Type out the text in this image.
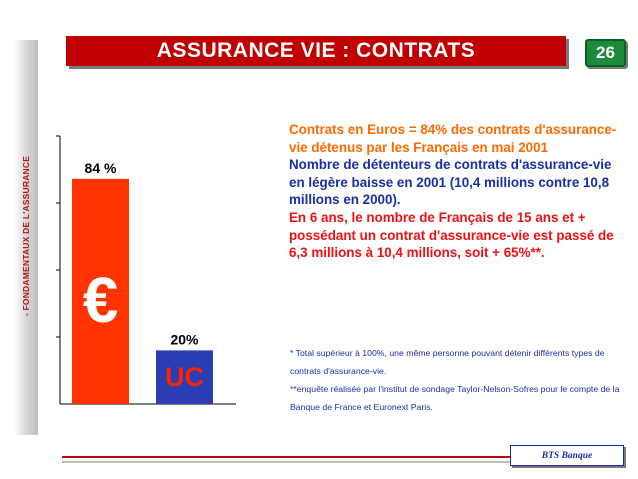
- FONDAMENTAUX DE L'ASSURANCE
ASSURANCE VIE : CONTRATS	26
84 %
€
20%
UC

Contrats en Euros = 84% des contrats d'assurance-vie détenus par les Français en mai 2001

Nombre de détenteurs de contrats d'assurance-vie en légère baisse en 2001 (10,4 millions contre 10,8 millions en 2000).

En 6 ans, le nombre de Français de 15 ans et + possédant un contrat d'assurance-vie est passé de 6,3 millions à 10,4 millions, soit + 65%**.

* Total supérieur à 100%, une même personne pouvant détenir différents types de contrats d'assurance-vie.

**enquête réalisée par l'institut de sondage Taylor-Nelson-Sofres pour le compte de la Banque de France et Euronext Paris.

BTS Banque
